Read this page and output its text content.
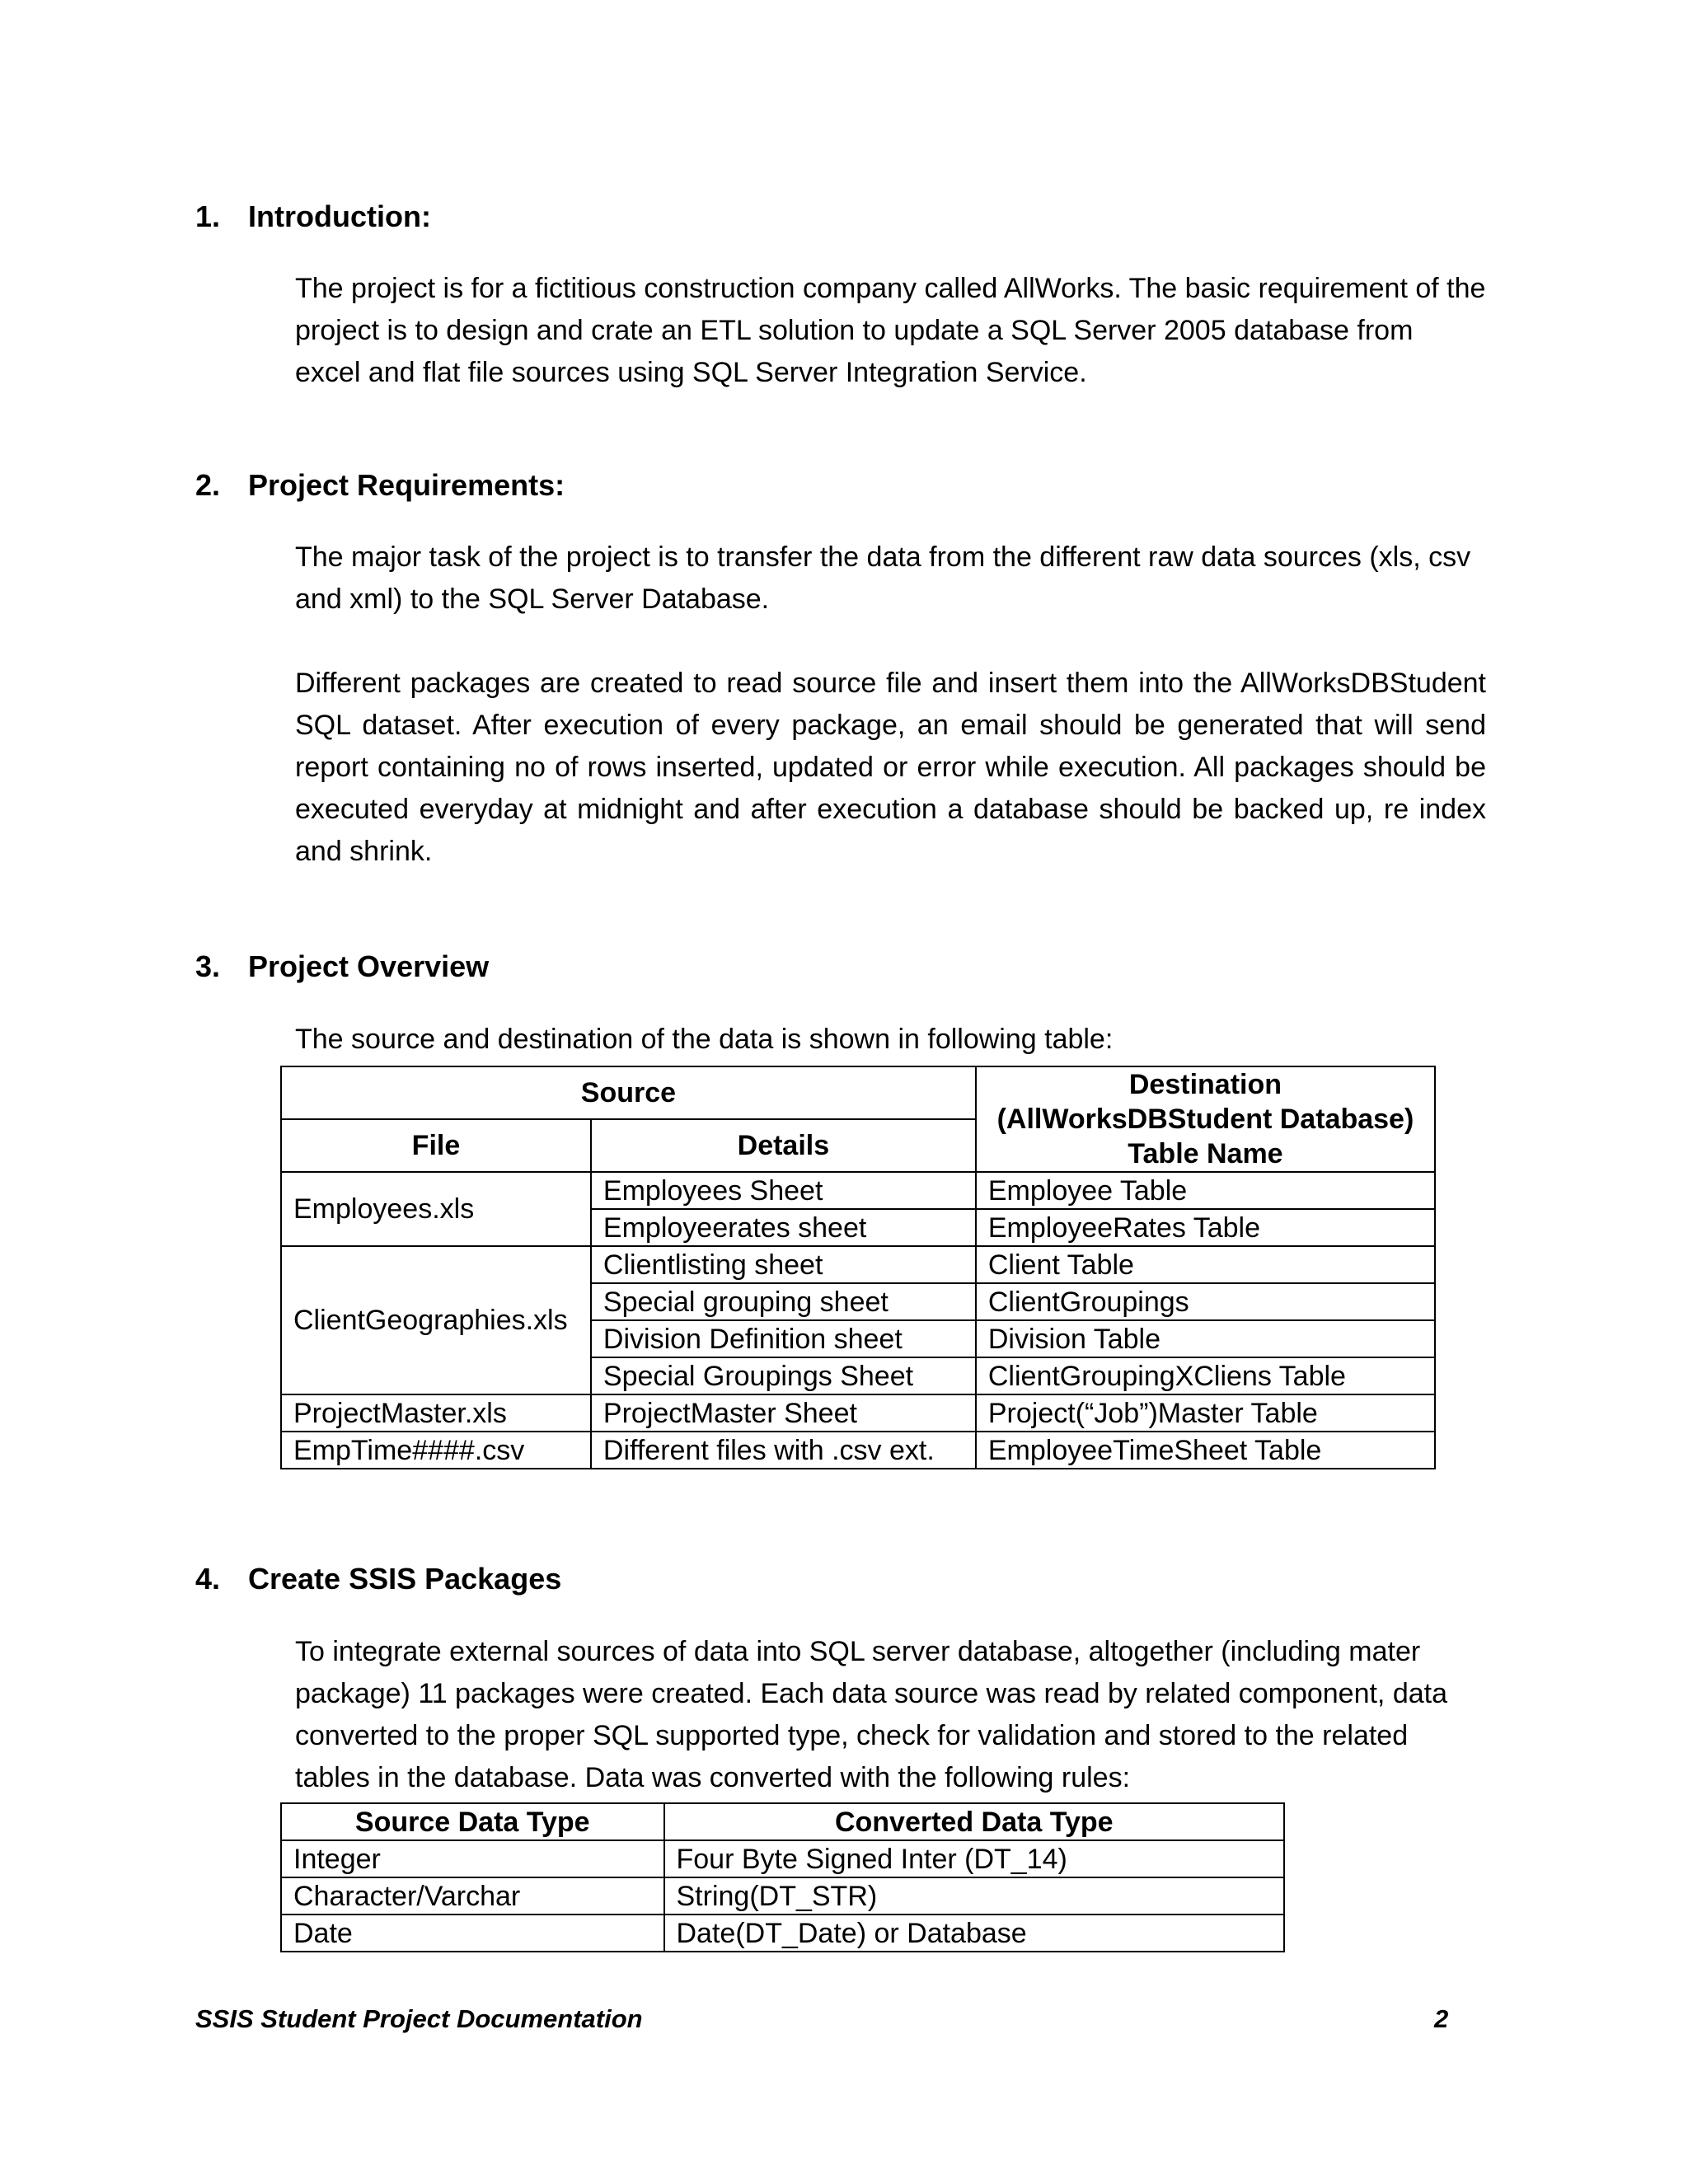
1. Introduction:

The project is for a fictitious construction company called AllWorks. The basic requirement of the project is to design and crate an ETL solution to update a SQL Server 2005 database from excel and flat file sources using SQL Server Integration Service.

2. Project Requirements:

The major task of the project is to transfer the data from the different raw data sources (xls, csv and xml) to the SQL Server Database.

Different packages are created to read source file and insert them into the AllWorksDBStudent SQL dataset. After execution of every package, an email should be generated that will send report containing no of rows inserted, updated or error while execution. All packages should be executed everyday at midnight and after execution a database should be backed up, re index and shrink.

3. Project Overview

The source and destination of the data is shown in following table:

Source		Destination (AllWorksDBStudent Database) Table Name
File	Details	
Employees.xls	Employees Sheet	Employee Table
	Employeerates sheet	EmployeeRates Table
ClientGeographies.xls	Clientlisting sheet	Client Table
	Special grouping sheet	ClientGroupings
	Division Definition sheet	Division Table
	Special Groupings Sheet	ClientGroupingXCliens Table
ProjectMaster.xls	ProjectMaster Sheet	Project(“Job”)Master Table
EmpTime####.csv	Different files with .csv ext.	EmployeeTimeSheet Table
4. Create SSIS Packages

To integrate external sources of data into SQL server database, altogether (including mater package) 11 packages were created. Each data source was read by related component, data converted to the proper SQL supported type, check for validation and stored to the related tables in the database. Data was converted with the following rules:

Source Data Type	Converted Data Type
Integer	Four Byte Signed Inter (DT_14)
Character/Varchar	String(DT_STR)
Date	Date(DT_Date) or Database
SSIS Student Project Documentation	2
